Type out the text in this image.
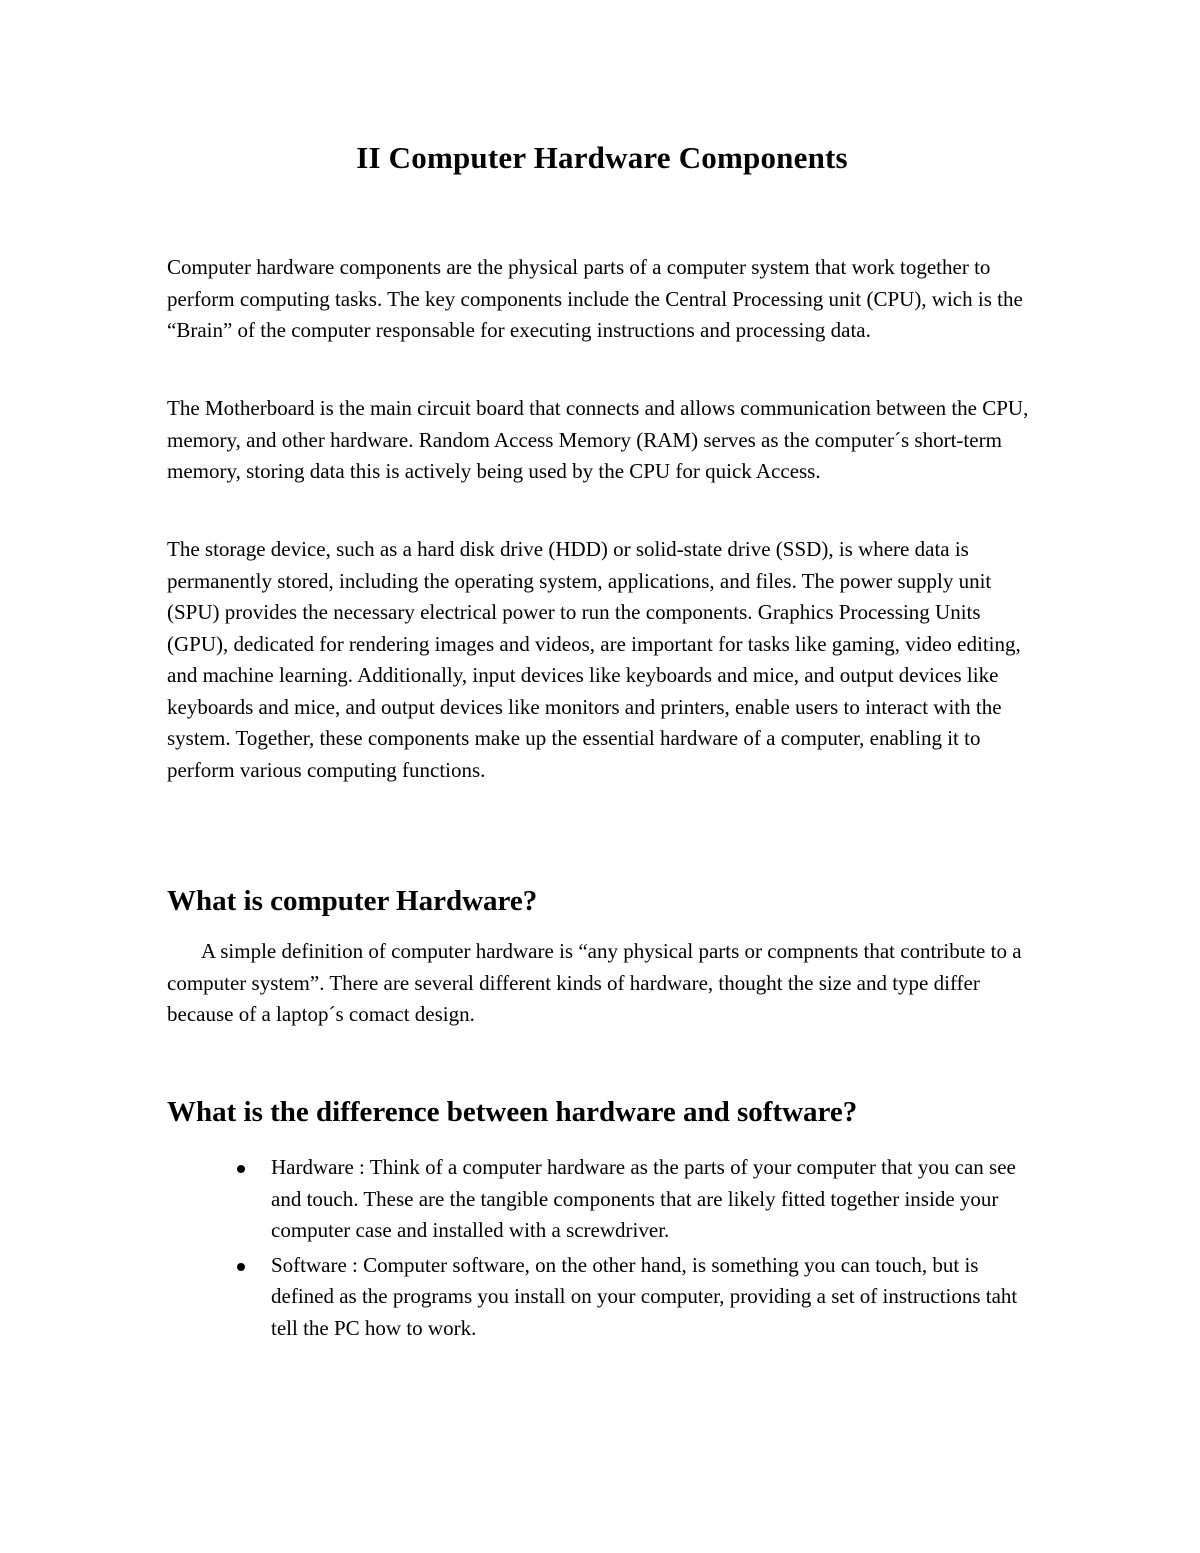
II Computer Hardware Components

Computer hardware components are the physical parts of a computer system that work together to perform computing tasks. The key components include the Central Processing unit (CPU), wich is the “Brain” of the computer responsable for executing instructions and processing data.

The Motherboard is the main circuit board that connects and allows communication between the CPU, memory, and other hardware. Random Access Memory (RAM) serves as the computer´s short-term memory, storing data this is actively being used by the CPU for quick Access.

The storage device, such as a hard disk drive (HDD) or solid-state drive (SSD), is where data is permanently stored, including the operating system, applications, and files. The power supply unit (SPU) provides the necessary electrical power to run the components. Graphics Processing Units (GPU), dedicated for rendering images and videos, are important for tasks like gaming, video editing, and machine learning. Additionally, input devices like keyboards and mice, and output devices like keyboards and mice, and output devices like monitors and printers, enable users to interact with the system. Together, these components make up the essential hardware of a computer, enabling it to perform various computing functions.

What is computer Hardware?

A simple definition of computer hardware is “any physical parts or compnents that contribute to a computer system”. There are several different kinds of hardware, thought the size and type differ because of a laptop´s comact design.

What is the difference between hardware and software?
Hardware : Think of a computer hardware as the parts of your computer that you can see and touch. These are the tangible components that are likely fitted together inside your computer case and installed with a screwdriver.
Software : Computer software, on the other hand, is something you can touch, but is defined as the programs you install on your computer, providing a set of instructions taht tell the PC how to work.
